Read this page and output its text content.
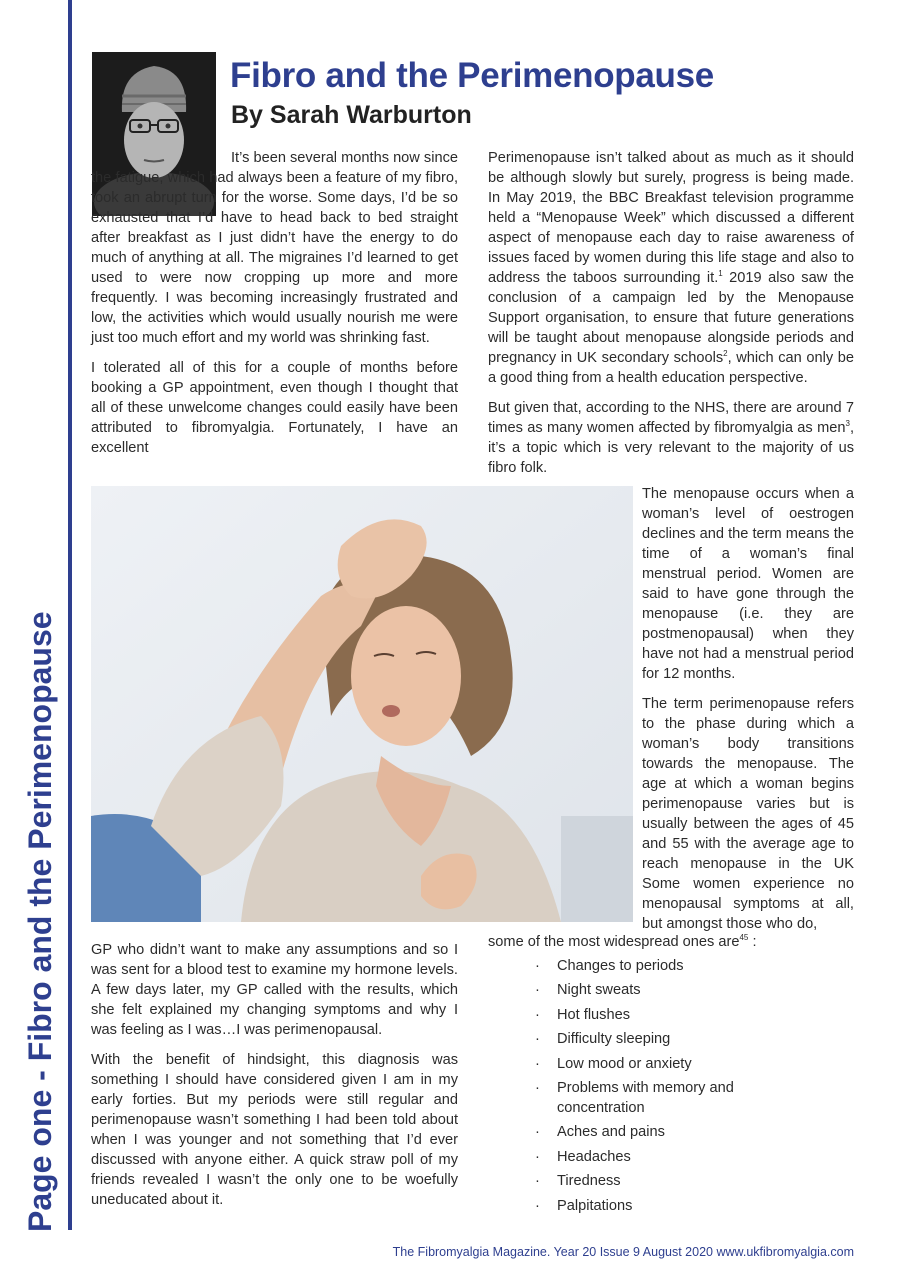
Page one - Fibro and the Perimenopause
Fibro and the Perimenopause
By Sarah Warburton

It’s been several months now since the fatigue, which had always been a feature of my fibro, took an abrupt turn for the worse. Some days, I’d be so exhausted that I’d have to head back to bed straight after breakfast as I just didn’t have the energy to do much of anything at all. The migraines I’d learned to get used to were now cropping up more and more frequently. I was becoming increasingly frustrated and low, the activities which would usually nourish me were just too much effort and my world was shrinking fast.

I tolerated all of this for a couple of months before booking a GP appointment, even though I thought that all of these unwelcome changes could easily have been attributed to fibromyalgia. Fortunately, I have an excellent

Perimenopause isn’t talked about as much as it should be although slowly but surely, progress is being made. In May 2019, the BBC Breakfast television programme held a “Menopause Week” which discussed a different aspect of menopause each day to raise awareness of issues faced by women during this life stage and also to address the taboos surrounding it.$^1$ 2019 also saw the conclusion of a campaign led by the Menopause Support organisation, to ensure that future generations will be taught about menopause alongside periods and pregnancy in UK secondary schools$^2$, which can only be a good thing from a health education perspective.

But given that, according to the NHS, there are around 7 times as many women affected by fibromyalgia as men$^3$, it’s a topic which is very relevant to the majority of us fibro folk.

The menopause occurs when a woman’s level of oestrogen declines and the term means the time of a woman’s final menstrual period. Women are said to have gone through the menopause (i.e. they are postmenopausal) when they have not had a menstrual period for 12 months.

The term perimenopause refers to the phase during which a woman’s body transitions towards the menopause. The age at which a woman begins perimenopause varies but is usually between the ages of 45 and 55 with the average age to reach menopause in the UK Some women experience no menopausal symptoms at all, but amongst those who do,

some of the most widespread ones are$^{45}$ :

GP who didn’t want to make any assumptions and so I was sent for a blood test to examine my hormone levels. A few days later, my GP called with the results, which she felt explained my changing symptoms and why I was feeling as I was…I was perimenopausal.

With the benefit of hindsight, this diagnosis was something I should have considered given I am in my early forties. But my periods were still regular and perimenopause wasn’t something I had been told about when I was younger and not something that I’d ever discussed with anyone either. A quick straw poll of my friends revealed I wasn’t the only one to be woefully uneducated about it.

· Changes to periods
· Night sweats
· Hot flushes
· Difficulty sleeping
· Low mood or anxiety
· Problems with memory and concentration
· Aches and pains
· Headaches
· Tiredness
· Palpitations

The Fibromyalgia Magazine. Year 20 Issue 9 August 2020 www.ukfibromyalgia.com
